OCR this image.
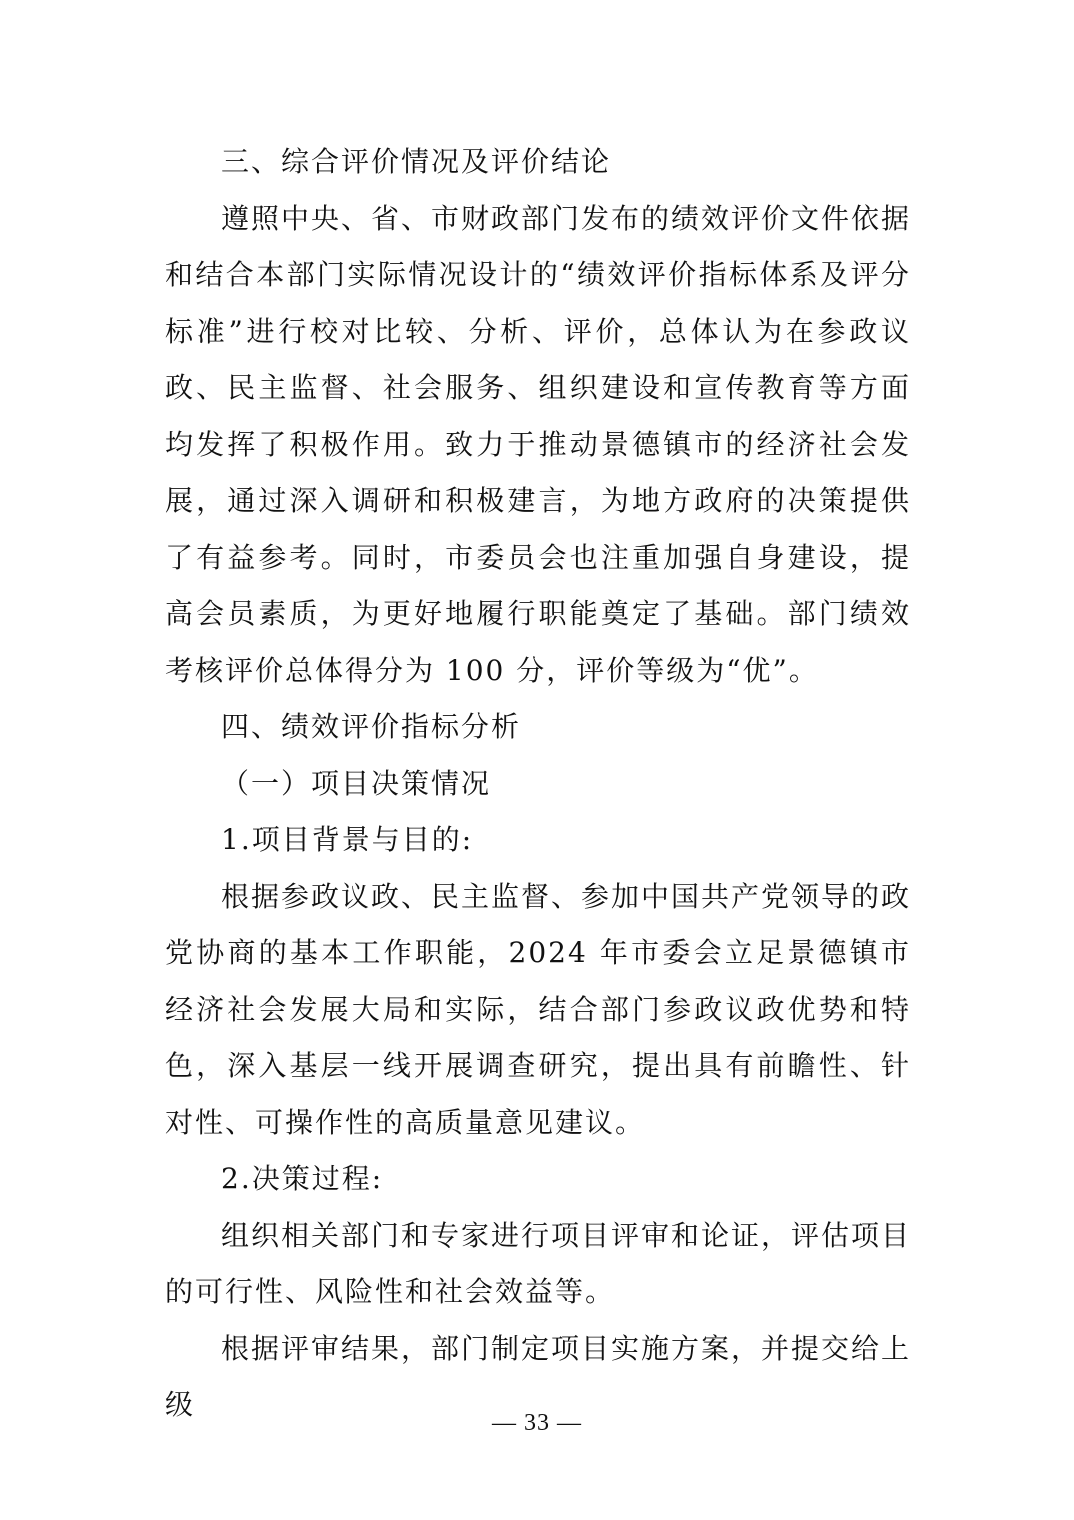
三、综合评价情况及评价结论

遵照中央、省、市财政部门发布的绩效评价文件依据和结合本部门实际情况设计的“绩效评价指标体系及评分标准”进行校对比较、分析、评价，总体认为在参政议政、民主监督、社会服务、组织建设和宣传教育等方面均发挥了积极作用。致力于推动景德镇市的经济社会发展，通过深入调研和积极建言，为地方政府的决策提供了有益参考。同时，市委员会也注重加强自身建设，提高会员素质，为更好地履行职能奠定了基础。部门绩效考核评价总体得分为 100 分，评价等级为“优”。

四、绩效评价指标分析

（一）项目决策情况

1.项目背景与目的:

根据参政议政、民主监督、参加中国共产党领导的政党协商的基本工作职能，2024 年市委会立足景德镇市经济社会发展大局和实际，结合部门参政议政优势和特色，深入基层一线开展调查研究，提出具有前瞻性、针对性、可操作性的高质量意见建议。

2.决策过程:

组织相关部门和专家进行项目评审和论证，评估项目的可行性、风险性和社会效益等。

根据评审结果，部门制定项目实施方案，并提交给上级

— 33 —
